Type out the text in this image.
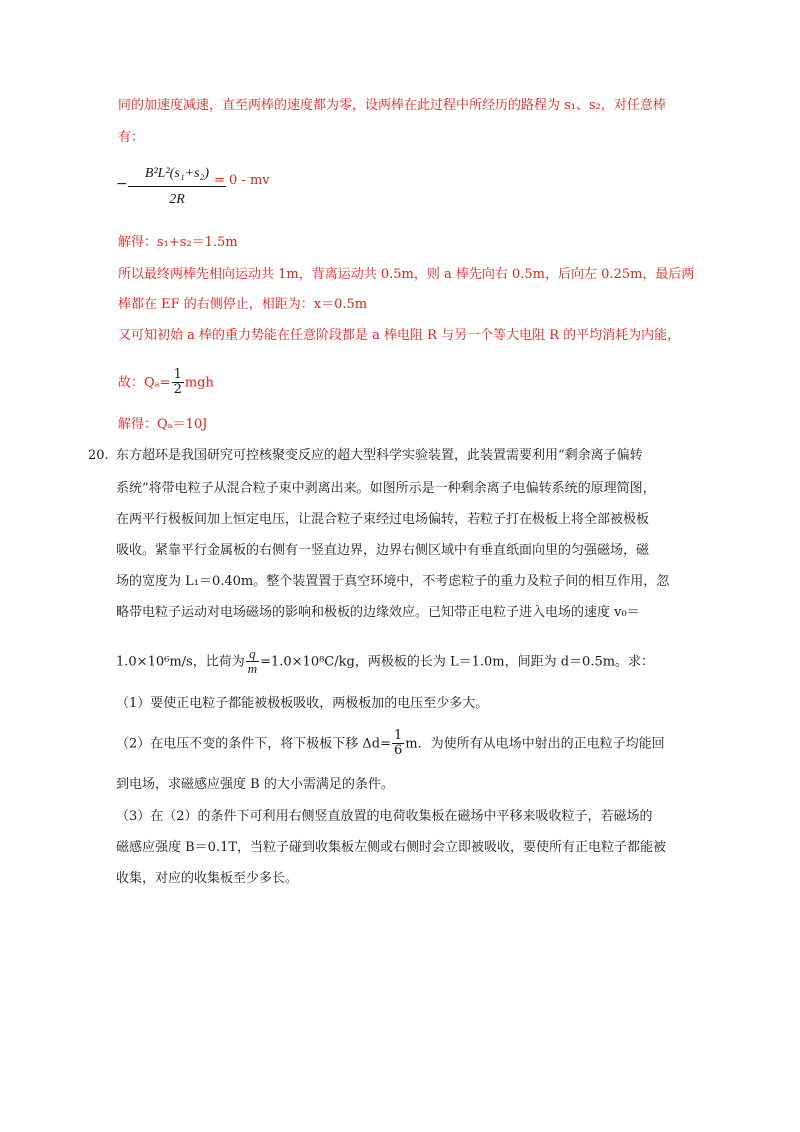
同的加速度减速，直至两棒的速度都为零，设两棒在此过程中所经历的路程为 s₁、s₂，对任意棒
有：
−
B²L²(s₁+s₂)
2R
= 0 - mv
解得：s₁+s₂＝1.5m
所以最终两棒先相向运动共 1m，背离运动共 0.5m，则 a 棒先向右 0.5m，后向左 0.25m，最后两
棒都在 EF 的右侧停止，相距为：x＝0.5m
又可知初始 a 棒的重力势能在任意阶段都是 a 棒电阻 R 与另一个等大电阻 R 的平均消耗为内能，
故：$Q_a= \frac{1}{2}$ mgh
解得：Qₐ＝10J
20. 东方超环是我国研究可控核聚变反应的超大型科学实验装置，此装置需要利用“剩余离子偏转
系统”将带电粒子从混合粒子束中剥离出来。如图所示是一种剩余离子电偏转系统的原理简图，
在两平行极板间加上恒定电压，让混合粒子束经过电场偏转，若粒子打在极板上将全部被极板
吸收。紧靠平行金属板的右侧有一竖直边界，边界右侧区域中有垂直纸面向里的匀强磁场，磁
场的宽度为 L₁＝0.40m。整个装置置于真空环境中，不考虑粒子的重力及粒子间的相互作用，忽
略带电粒子运动对电场磁场的影响和极板的边缘效应。已知带正电粒子进入电场的速度 v₀＝
1.0×10⁶m/s，比荷为 $\frac{q}{m} =1.0\times 10^8C/kg$，两极板的长为 L＝1.0m，间距为 d＝0.5m。求：
（1）要使正电粒子都能被极板吸收，两极板加的电压至少多大。
（2）在电压不变的条件下，将下极板下移 $\Delta d= \frac{1}{6}$ m．为使所有从电场中射出的正电粒子均能回
到电场，求磁感应强度 B 的大小需满足的条件。
（3）在（2）的条件下可利用右侧竖直放置的电荷收集板在磁场中平移来吸收粒子，若磁场的
磁感应强度 B＝0.1T，当粒子碰到收集板左侧或右侧时会立即被吸收，要使所有正电粒子都能被
收集，对应的收集板至少多长。
